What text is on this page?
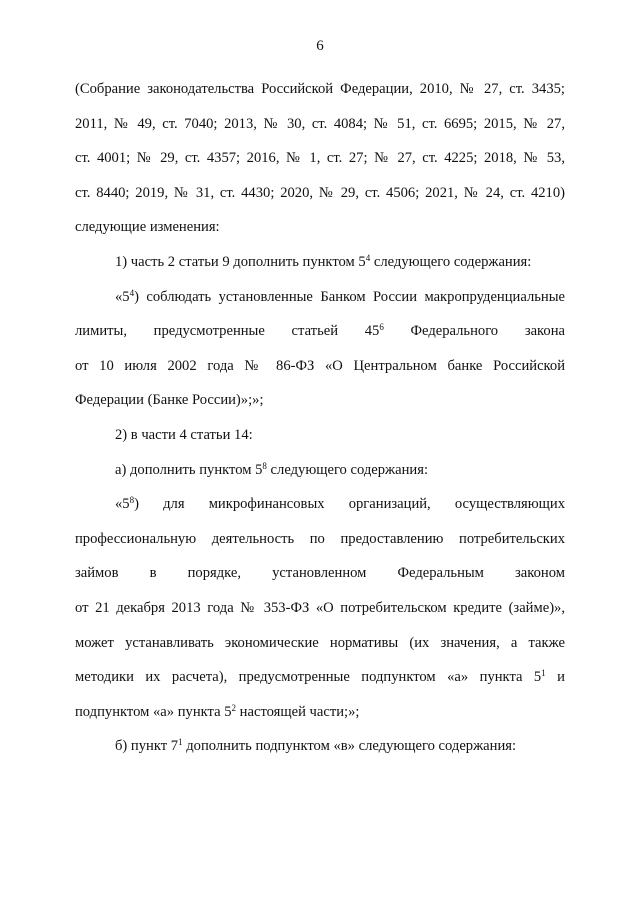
6
(Собрание законодательства Российской Федерации, 2010, № 27, ст. 3435;
2011, № 49, ст. 7040; 2013, № 30, ст. 4084; № 51, ст. 6695; 2015, № 27,
ст. 4001; № 29, ст. 4357; 2016, № 1, ст. 27; № 27, ст. 4225; 2018, № 53,
ст. 8440; 2019, № 31, ст. 4430; 2020, № 29, ст. 4506; 2021, № 24, ст. 4210)
следующие изменения:
1) часть 2 статьи 9 дополнить пунктом $5^4$ следующего содержания:
«$5^4$) соблюдать установленные Банком России макропруденциальные
лимиты, предусмотренные статьей $45^6$ Федерального закона
от 10 июля 2002 года № 86-ФЗ «О Центральном банке Российской
Федерации (Банке России)»;»;
2) в части 4 статьи 14:
а) дополнить пунктом $5^8$ следующего содержания:
«$5^8$) для микрофинансовых организаций, осуществляющих
профессиональную деятельность по предоставлению потребительских
займов в порядке, установленном Федеральным законом
от 21 декабря 2013 года № 353-ФЗ «О потребительском кредите (займе)»,
может устанавливать экономические нормативы (их значения, а также
методики их расчета), предусмотренные подпунктом «а» пункта $5^1$ и
подпунктом «а» пункта $5^2$ настоящей части;»;
б) пункт $7^1$ дополнить подпунктом «в» следующего содержания:
